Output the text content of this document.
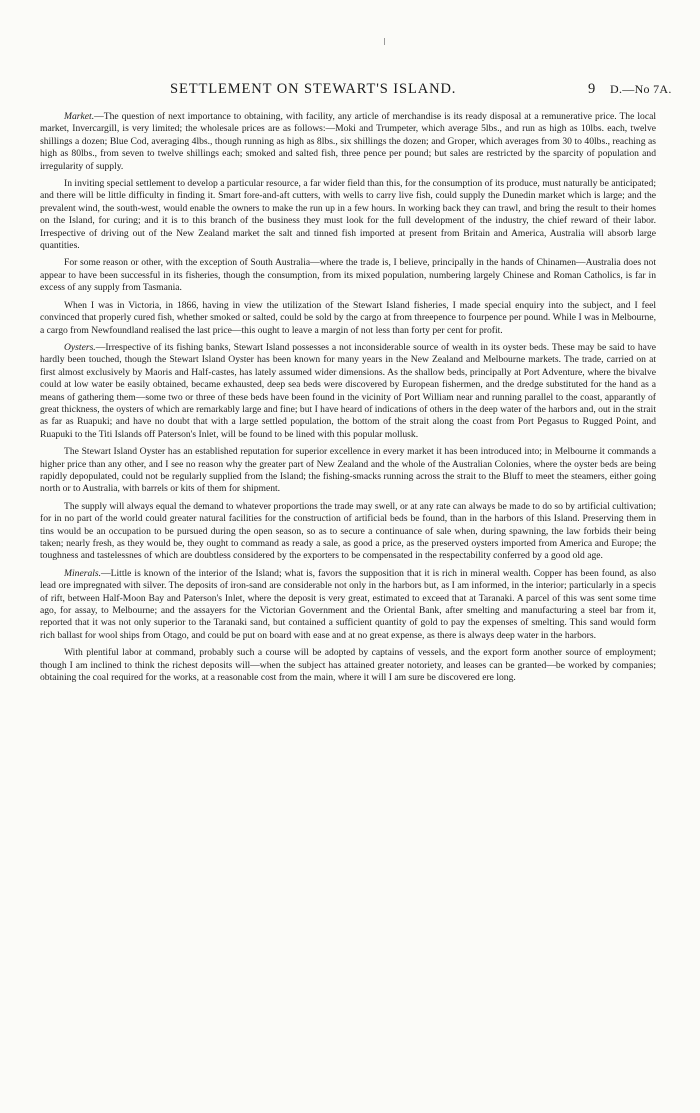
SETTLEMENT ON STEWART'S ISLAND.	9 D.—No 7A.

Market.—The question of next importance to obtaining, with facility, any article of merchandise is its ready disposal at a remunerative price. The local market, Invercargill, is very limited; the wholesale prices are as follows:—Moki and Trumpeter, which average 5lbs., and run as high as 10lbs. each, twelve shillings a dozen; Blue Cod, averaging 4lbs., though running as high as 8lbs., six shillings the dozen; and Groper, which averages from 30 to 40lbs., reaching as high as 80lbs., from seven to twelve shillings each; smoked and salted fish, three pence per pound; but sales are restricted by the sparcity of population and irregularity of supply.

In inviting special settlement to develop a particular resource, a far wider field than this, for the consumption of its produce, must naturally be anticipated; and there will be little difficulty in finding it. Smart fore-and-aft cutters, with wells to carry live fish, could supply the Dunedin market which is large; and the prevalent wind, the south-west, would enable the owners to make the run up in a few hours. In working back they can trawl, and bring the result to their homes on the Island, for curing; and it is to this branch of the business they must look for the full development of the industry, the chief reward of their labor. Irrespective of driving out of the New Zealand market the salt and tinned fish imported at present from Britain and America, Australia will absorb large quantities.

For some reason or other, with the exception of South Australia—where the trade is, I believe, principally in the hands of Chinamen—Australia does not appear to have been successful in its fisheries, though the consumption, from its mixed population, numbering largely Chinese and Roman Catholics, is far in excess of any supply from Tasmania.

When I was in Victoria, in 1866, having in view the utilization of the Stewart Island fisheries, I made special enquiry into the subject, and I feel convinced that properly cured fish, whether smoked or salted, could be sold by the cargo at from threepence to fourpence per pound. While I was in Melbourne, a cargo from Newfoundland realised the last price—this ought to leave a margin of not less than forty per cent for profit.

Oysters.—Irrespective of its fishing banks, Stewart Island possesses a not inconsiderable source of wealth in its oyster beds. These may be said to have hardly been touched, though the Stewart Island Oyster has been known for many years in the New Zealand and Melbourne markets. The trade, carried on at first almost exclusively by Maoris and Half-castes, has lately assumed wider dimensions. As the shallow beds, principally at Port Adventure, where the bivalve could at low water be easily obtained, became exhausted, deep sea beds were discovered by European fishermen, and the dredge substituted for the hand as a means of gathering them—some two or three of these beds have been found in the vicinity of Port William near and running parallel to the coast, apparantly of great thickness, the oysters of which are remarkably large and fine; but I have heard of indications of others in the deep water of the harbors and, out in the strait as far as Ruapuki; and have no doubt that with a large settled population, the bottom of the strait along the coast from Port Pegasus to Rugged Point, and Ruapuki to the Titi Islands off Paterson's Inlet, will be found to be lined with this popular mollusk.

The Stewart Island Oyster has an established reputation for superior excellence in every market it has been introduced into; in Melbourne it commands a higher price than any other, and I see no reason why the greater part of New Zealand and the whole of the Australian Colonies, where the oyster beds are being rapidly depopulated, could not be regularly supplied from the Island; the fishing-smacks running across the strait to the Bluff to meet the steamers, either going north or to Australia, with barrels or kits of them for shipment.

The supply will always equal the demand to whatever proportions the trade may swell, or at any rate can always be made to do so by artificial cultivation; for in no part of the world could greater natural facilities for the construction of artificial beds be found, than in the harbors of this Island. Preserving them in tins would be an occupation to be pursued during the open season, so as to secure a continuance of sale when, during spawning, the law forbids their being taken; nearly fresh, as they would be, they ought to command as ready a sale, as good a price, as the preserved oysters imported from America and Europe; the toughness and tastelessnes of which are doubtless considered by the exporters to be compensated in the respectability conferred by a good old age.

Minerals.—Little is known of the interior of the Island; what is, favors the supposition that it is rich in mineral wealth. Copper has been found, as also lead ore impregnated with silver. The deposits of iron-sand are considerable not only in the harbors but, as I am informed, in the interior; particularly in a specis of rift, between Half-Moon Bay and Paterson's Inlet, where the deposit is very great, estimated to exceed that at Taranaki. A parcel of this was sent some time ago, for assay, to Melbourne; and the assayers for the Victorian Government and the Oriental Bank, after smelting and manufacturing a steel bar from it, reported that it was not only superior to the Taranaki sand, but contained a sufficient quantity of gold to pay the expenses of smelting. This sand would form rich ballast for wool ships from Otago, and could be put on board with ease and at no great expense, as there is always deep water in the harbors.

With plentiful labor at command, probably such a course will be adopted by captains of vessels, and the export form another source of employment; though I am inclined to think the richest deposits will—when the subject has attained greater notoriety, and leases can be granted—be worked by companies; obtaining the coal required for the works, at a reasonable cost from the main, where it will I am sure be discovered ere long.
